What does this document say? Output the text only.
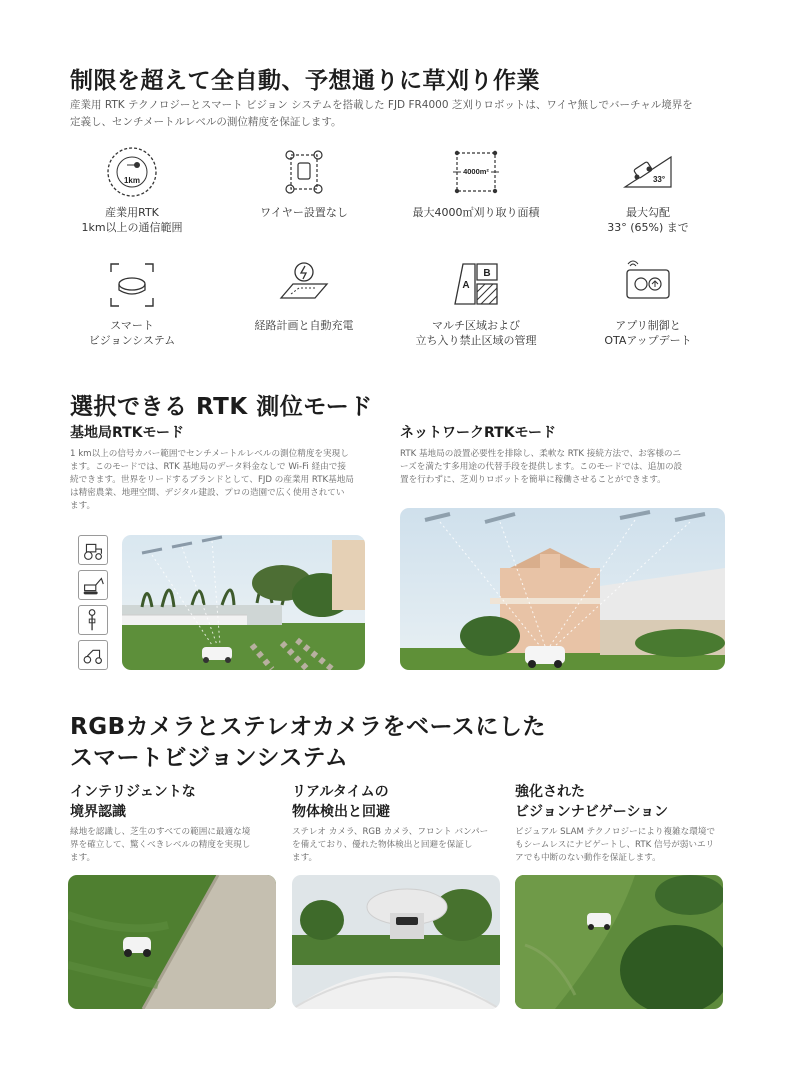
制限を超えて全自動、予想通りに草刈り作業
産業用 RTK テクノロジーとスマート ビジョン システムを搭載した FJD FR4000 芝刈りロボットは、ワイヤ無しでバーチャル境界を
定義し、センチメートルレベルの測位精度を保証します。
1km
産業用RTK
1km以上の通信範囲
ワイヤー設置なし
4000m²
最大4000㎡刈り取り面積
33°
最大勾配
33° (65%) まで
スマート
ビジョンシステム
経路計画と自動充電
A
B
マルチ区域および
立ち入り禁止区域の管理
アプリ制御と
OTAアップデート
選択できる RTK 測位モード
基地局RTKモード
1 km以上の信号カバー範囲でセンチメートルレベルの測位精度を実現し
ます。このモードでは、RTK 基地局のデータ料金なしで Wi-Fi 経由で接
続できます。世界をリードするブランドとして、FJD の産業用 RTK基地局
は精密農業、地理空間、デジタル建設、プロの造園で広く使用されてい
ます。
ネットワークRTKモード
RTK 基地局の設置必要性を排除し、柔軟な RTK 接続方法で、お客様のニ
ーズを満たす多用途の代替手段を提供します。このモードでは、追加の設
置を行わずに、芝刈りロボットを簡単に稼働させることができます。
RGBカメラとステレオカメラをベースにした
スマートビジョンシステム
インテリジェントな
境界認識
緑地を認識し、芝生のすべての範囲に最適な境
界を確立して、驚くべきレベルの精度を実現し
ます。
リアルタイムの
物体検出と回避
ステレオ カメラ、RGB カメラ、フロント バンパー
を備えており、優れた物体検出と回避を保証し
ます。
強化された
ビジョンナビゲーション
ビジュアル SLAM テクノロジーにより複雑な環境で
もシームレスにナビゲートし、RTK 信号が弱いエリ
アでも中断のない動作を保証します。
